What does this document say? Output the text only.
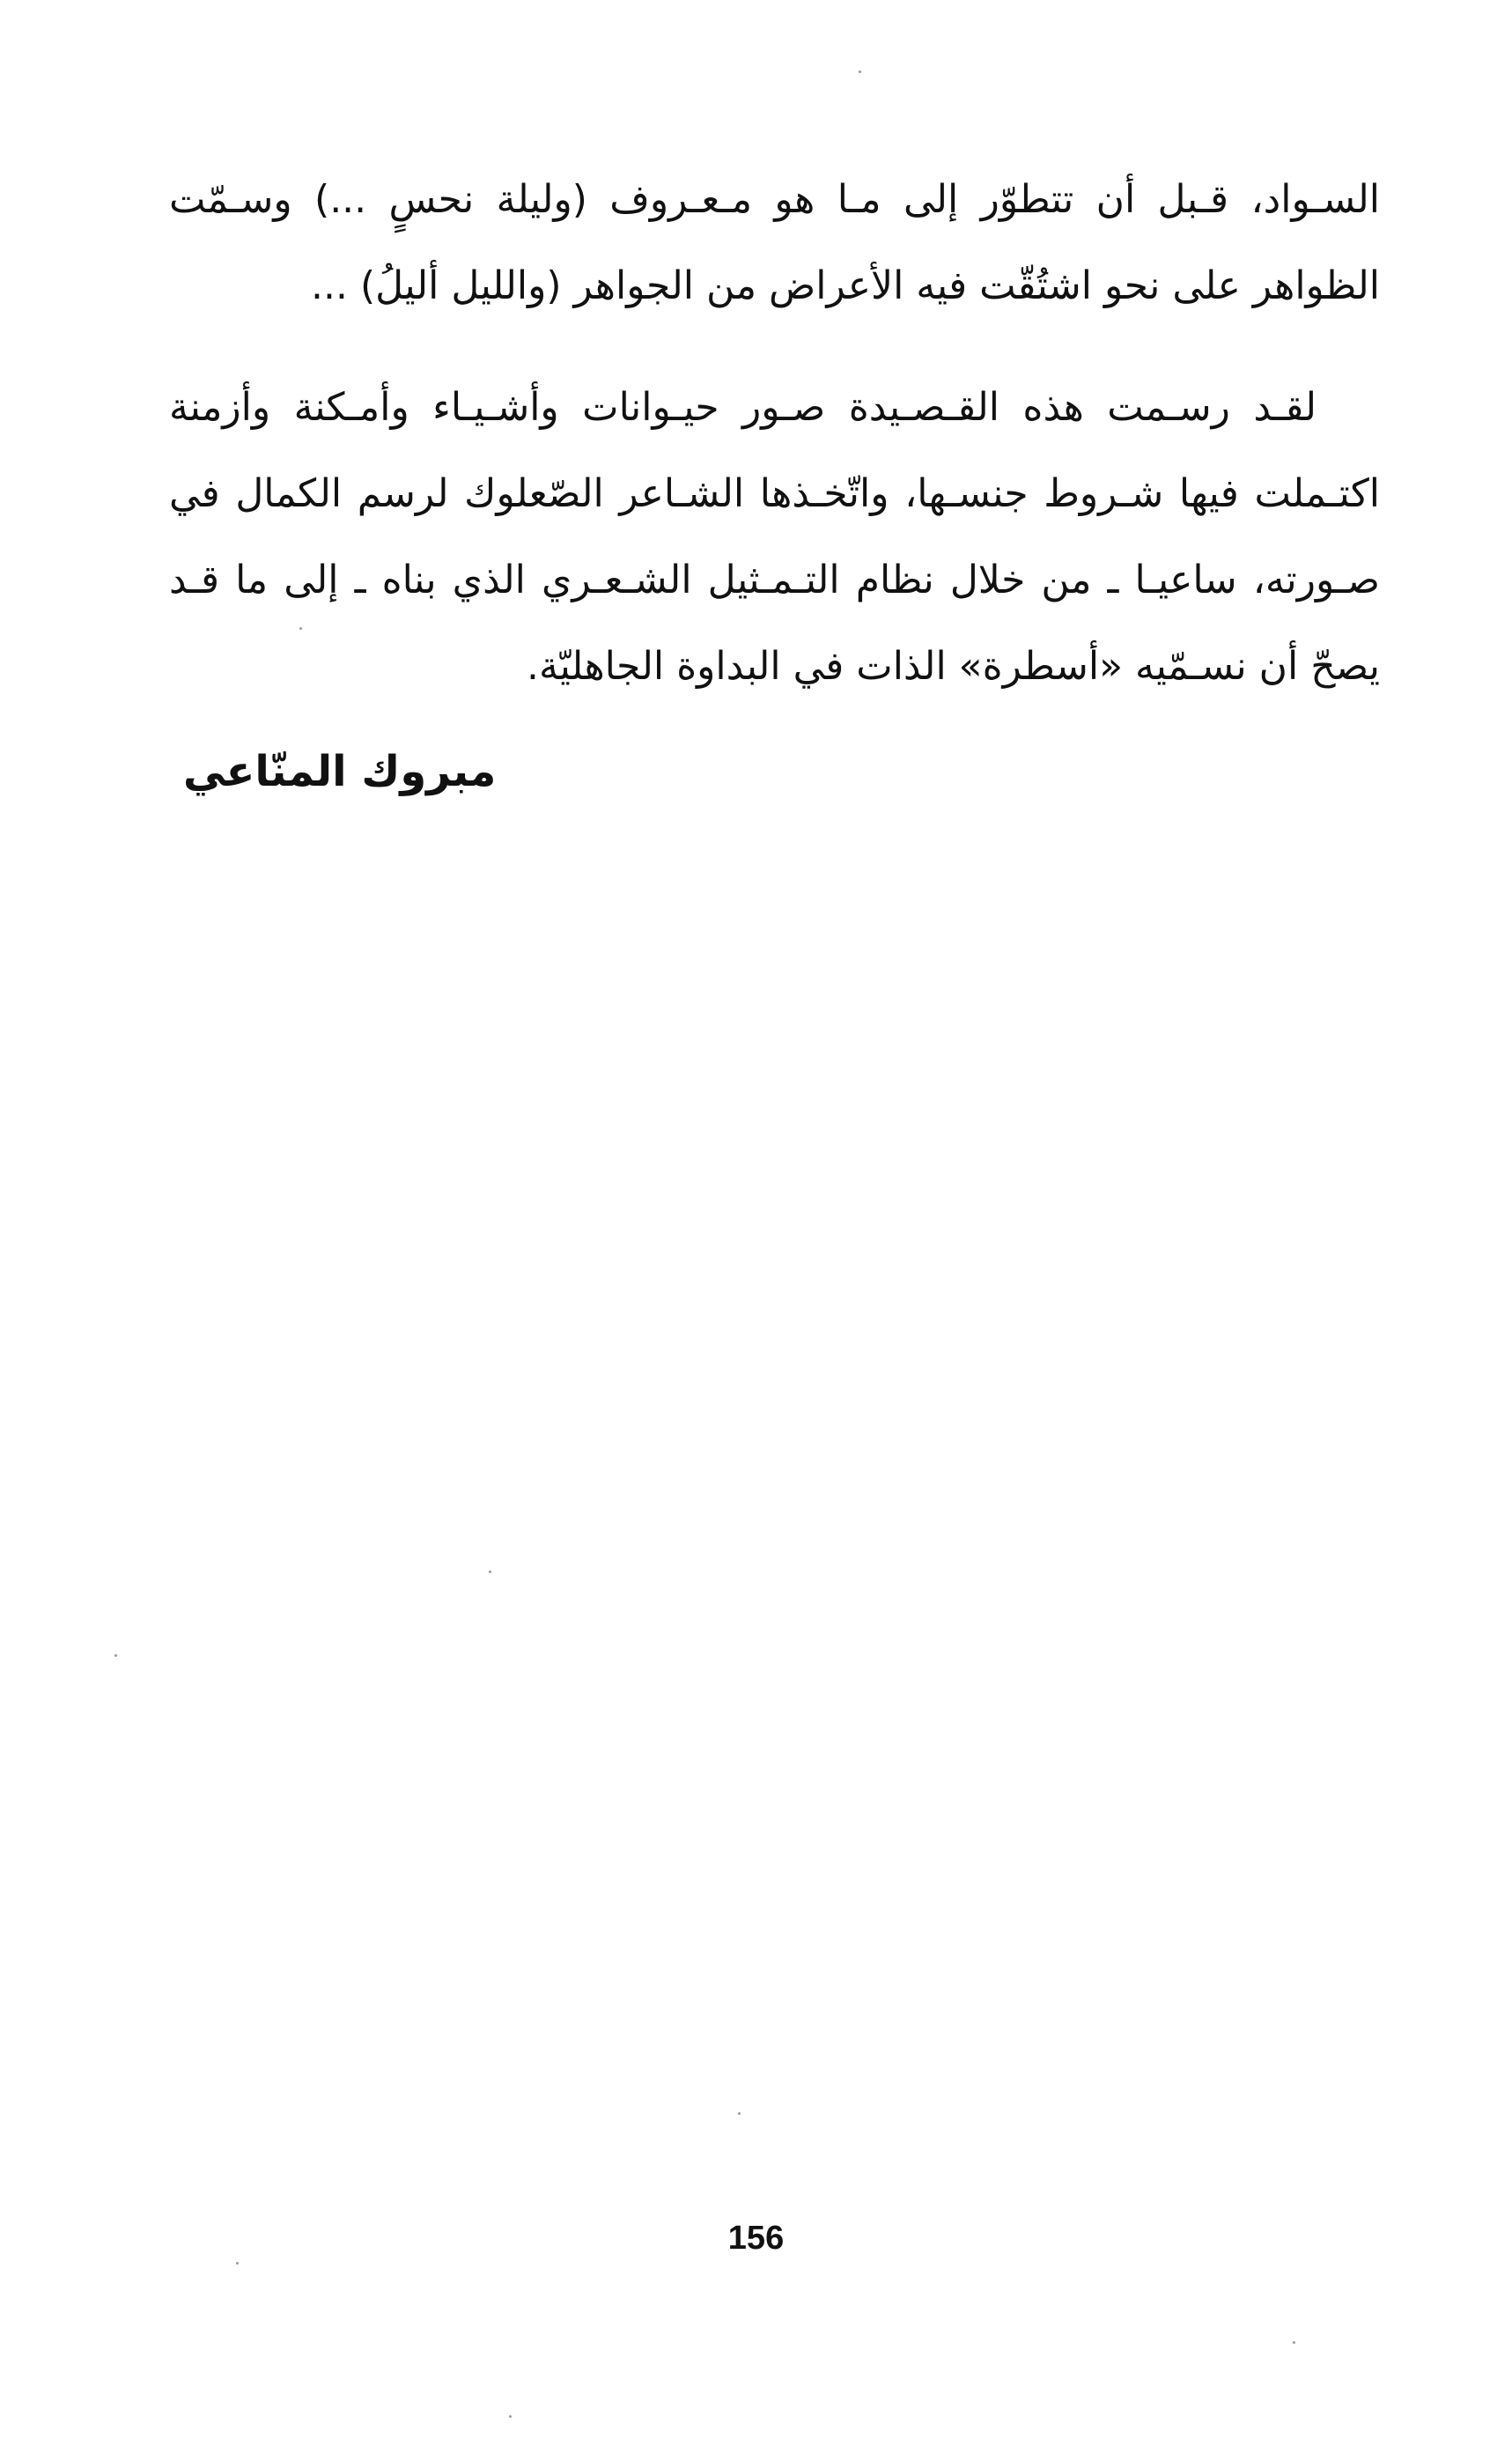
السـواد، قـبل أن تتطوّر إلى مـا هو مـعـروف (وليلة نحسٍ ...) وسـمّت
الظواهر على نحو اشتُقّت فيه الأعراض من الجواهر (والليل أليلُ) ...
لقـد رسـمت هذه القـصـيدة صـور حيـوانات وأشـيـاء وأمـكنة وأزمنة
اكتـملت فيها شـروط جنسـها، واتّخـذها الشـاعر الصّعلوك لرسم الكمال في
صـورته، ساعيـا ـ من خلال نظام التـمـثيل الشـعـري الذي بناه ـ إلى ما قـد
يصحّ أن نسـمّيه «أسطرة» الذات في البداوة الجاهليّة.
مبروك المنّاعي
156
